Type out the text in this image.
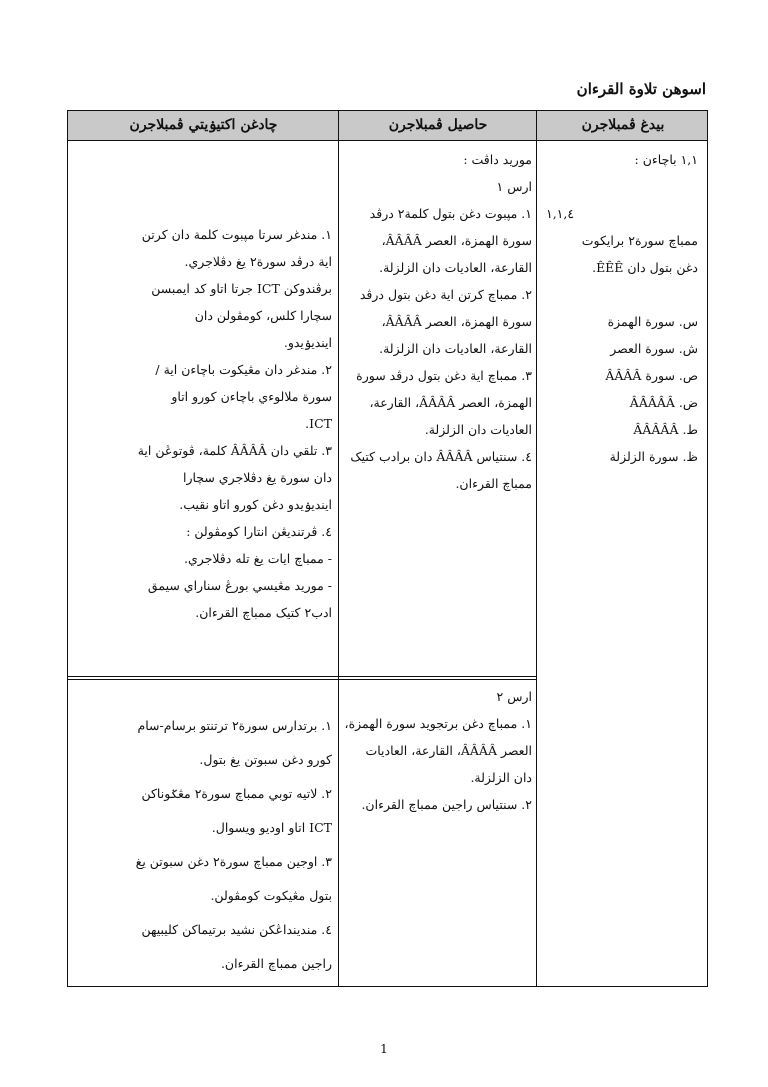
اسوهن تلاوة القرءان
چادغن اكتيۏيتي ڤمبلاجرن	حاصيل ڤمبلاجرن	بيدغ ڤمبلاجرن
١,١ باچاءن :
١,١,٤
ممباچ سورة٢ برايكوت
دغن بتول دان ÊÊÊ.
س. سورة الهمزة
ش. سورة العصر
ص. سورة ÂÂÂÂ
ض. ÂÂÂÂÂ
ط. ÂÂÂÂÂ
ظ. سورة الزلزلة
موريد داڤت :
ارس ١
١. مڽبوت دغن بتول كلمة٢ درڤد
سورة الهمزة، العصر ÂÂÂÂ،
القارعة، العاديات دان الزلزلة.
٢. ممباچ كرتن اية دغن بتول درڤد
سورة الهمزة، العصر ÂÂÂÂ،
القارعة، العاديات دان الزلزلة.
٣. ممباچ اية دغن بتول درڤد سورة
الهمزة، العصر ÂÂÂÂ، القارعة،
العاديات دان الزلزلة.
٤. سنتياس ÂÂÂÂ دان برادب كتيک
ممباچ القرءان.
١. مندغر سرتا مڽبوت كلمة دان كرتن
اية درڤد سورة٢ يغ دڤلاجري.
برڤندوكن ICT جرتا اتاو كد ايمبسن
سچارا كلس، كومڤولن دان
اينديۏيدو.
٢. مندغر دان مڠيكوت باچاءن اية /
سورة ملالوءي باچاءن كورو اتاو
ICT.
٣. تلقي دان ÂÂÂÂ كلمة، ڤوتوڠن اية
دان سورة يغ دڤلاجري سچارا
اينديۏيدو دغن كورو اتاو نقيب.
٤. ڤرتنديڠن انتارا كومڤولن :
- ممباچ ايات يغ تله دڤلاجري.
- موريد مڠيسي بورڠ سناراي سيمق
ادب٢ كتيک ممباچ القرءان.
ارس ٢
١. ممباچ دغن برتجويد سورة الهمزة،
العصر ÂÂÂÂ، القارعة، العاديات
دان الزلزلة.
٢. سنتياس راجين ممباچ القرءان.
١. برتدارس سورة٢ ترتنتو برسام-سام
كورو دغن سبوتن يغ بتول.
٢. لاتيه توبي ممباچ سورة٢ مڠݢوناكن
ICT اتاو اوديو ويسوال.
٣. اوجين ممباچ سورة٢ دغن سبوتن يغ
بتول مڠيكوت كومڤولن.
٤. مندينداڠكن نشيد برتيماكن كليبيهن
راجين ممباچ القرءان.
1
